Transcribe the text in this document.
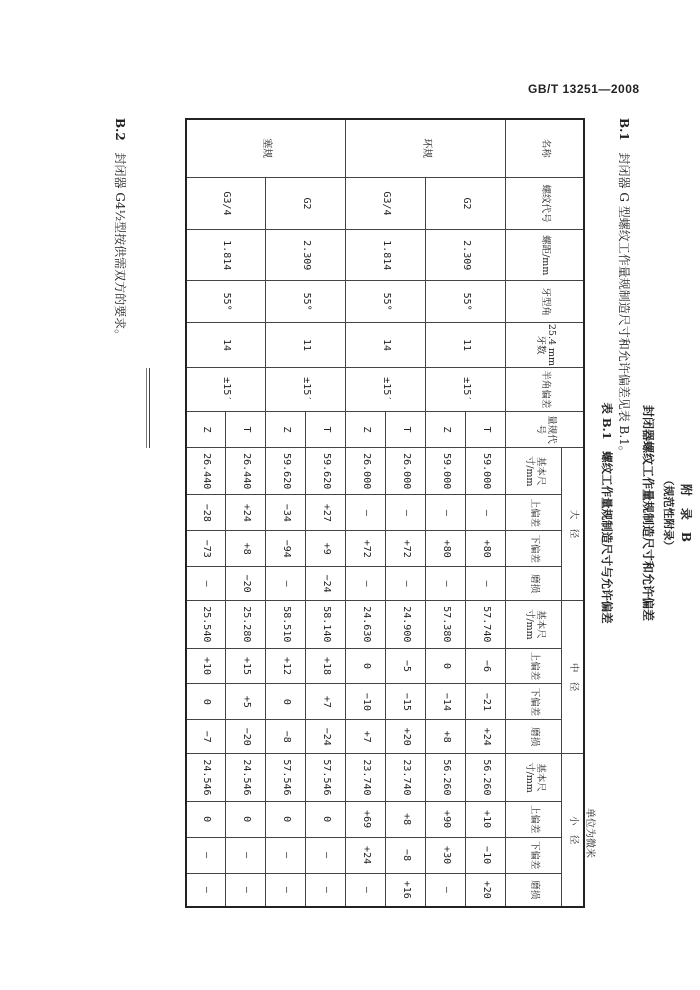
GB/T 13251—2008
附　录　B
（规范性附录）
封闭器螺纹工作量规制造尺寸和允许偏差
B.1 封闭器 G 型螺纹工作量规制造尺寸和允许偏差见表 B.1。
表 B.1　螺纹工作量规制造尺寸与允许偏差
单位为微米
名称	螺纹代号	螺距/mm	牙型角	25.4 mm牙数	半角偏差	量规代号	大　径				中　径				小　径			
							基本尺寸/mm	上偏差	下偏差	磨损	基本尺寸/mm	上偏差	下偏差	磨损	基本尺寸/mm	上偏差	下偏差	磨损
环规	G2	2.309	55°	11	±15′	T	59.000	—	+80	—	57.740	−6	−21	+24	56.260	+10	−10	+20
						Z	59.000	—	+80	—	57.380	0	−14	+8	56.260	+90	+30	—
	G3/4	1.814	55°	14	±15′	T	26.000	—	+72	—	24.900	−5	−15	+20	23.740	+8	−8	+16
						Z	26.000	—	+72	—	24.630	0	−10	+7	23.740	+69	+24	—
塞规	G2	2.309	55°	11	±15′	T	59.620	+27	+9	−24	58.140	+18	+7	−24	57.546	0	—	—
						Z	59.620	−34	−94	—	58.510	+12	0	−8	57.546	0	—	—
	G3/4	1.814	55°	14	±15′	T	26.440	+24	+8	−20	25.280	+15	+5	−20	24.546	0	—	—
						Z	26.440	−28	−73	—	25.540	+10	0	−7	24.546	0	—	—
B.2 封闭器 G4½型按供需双方的要求。
